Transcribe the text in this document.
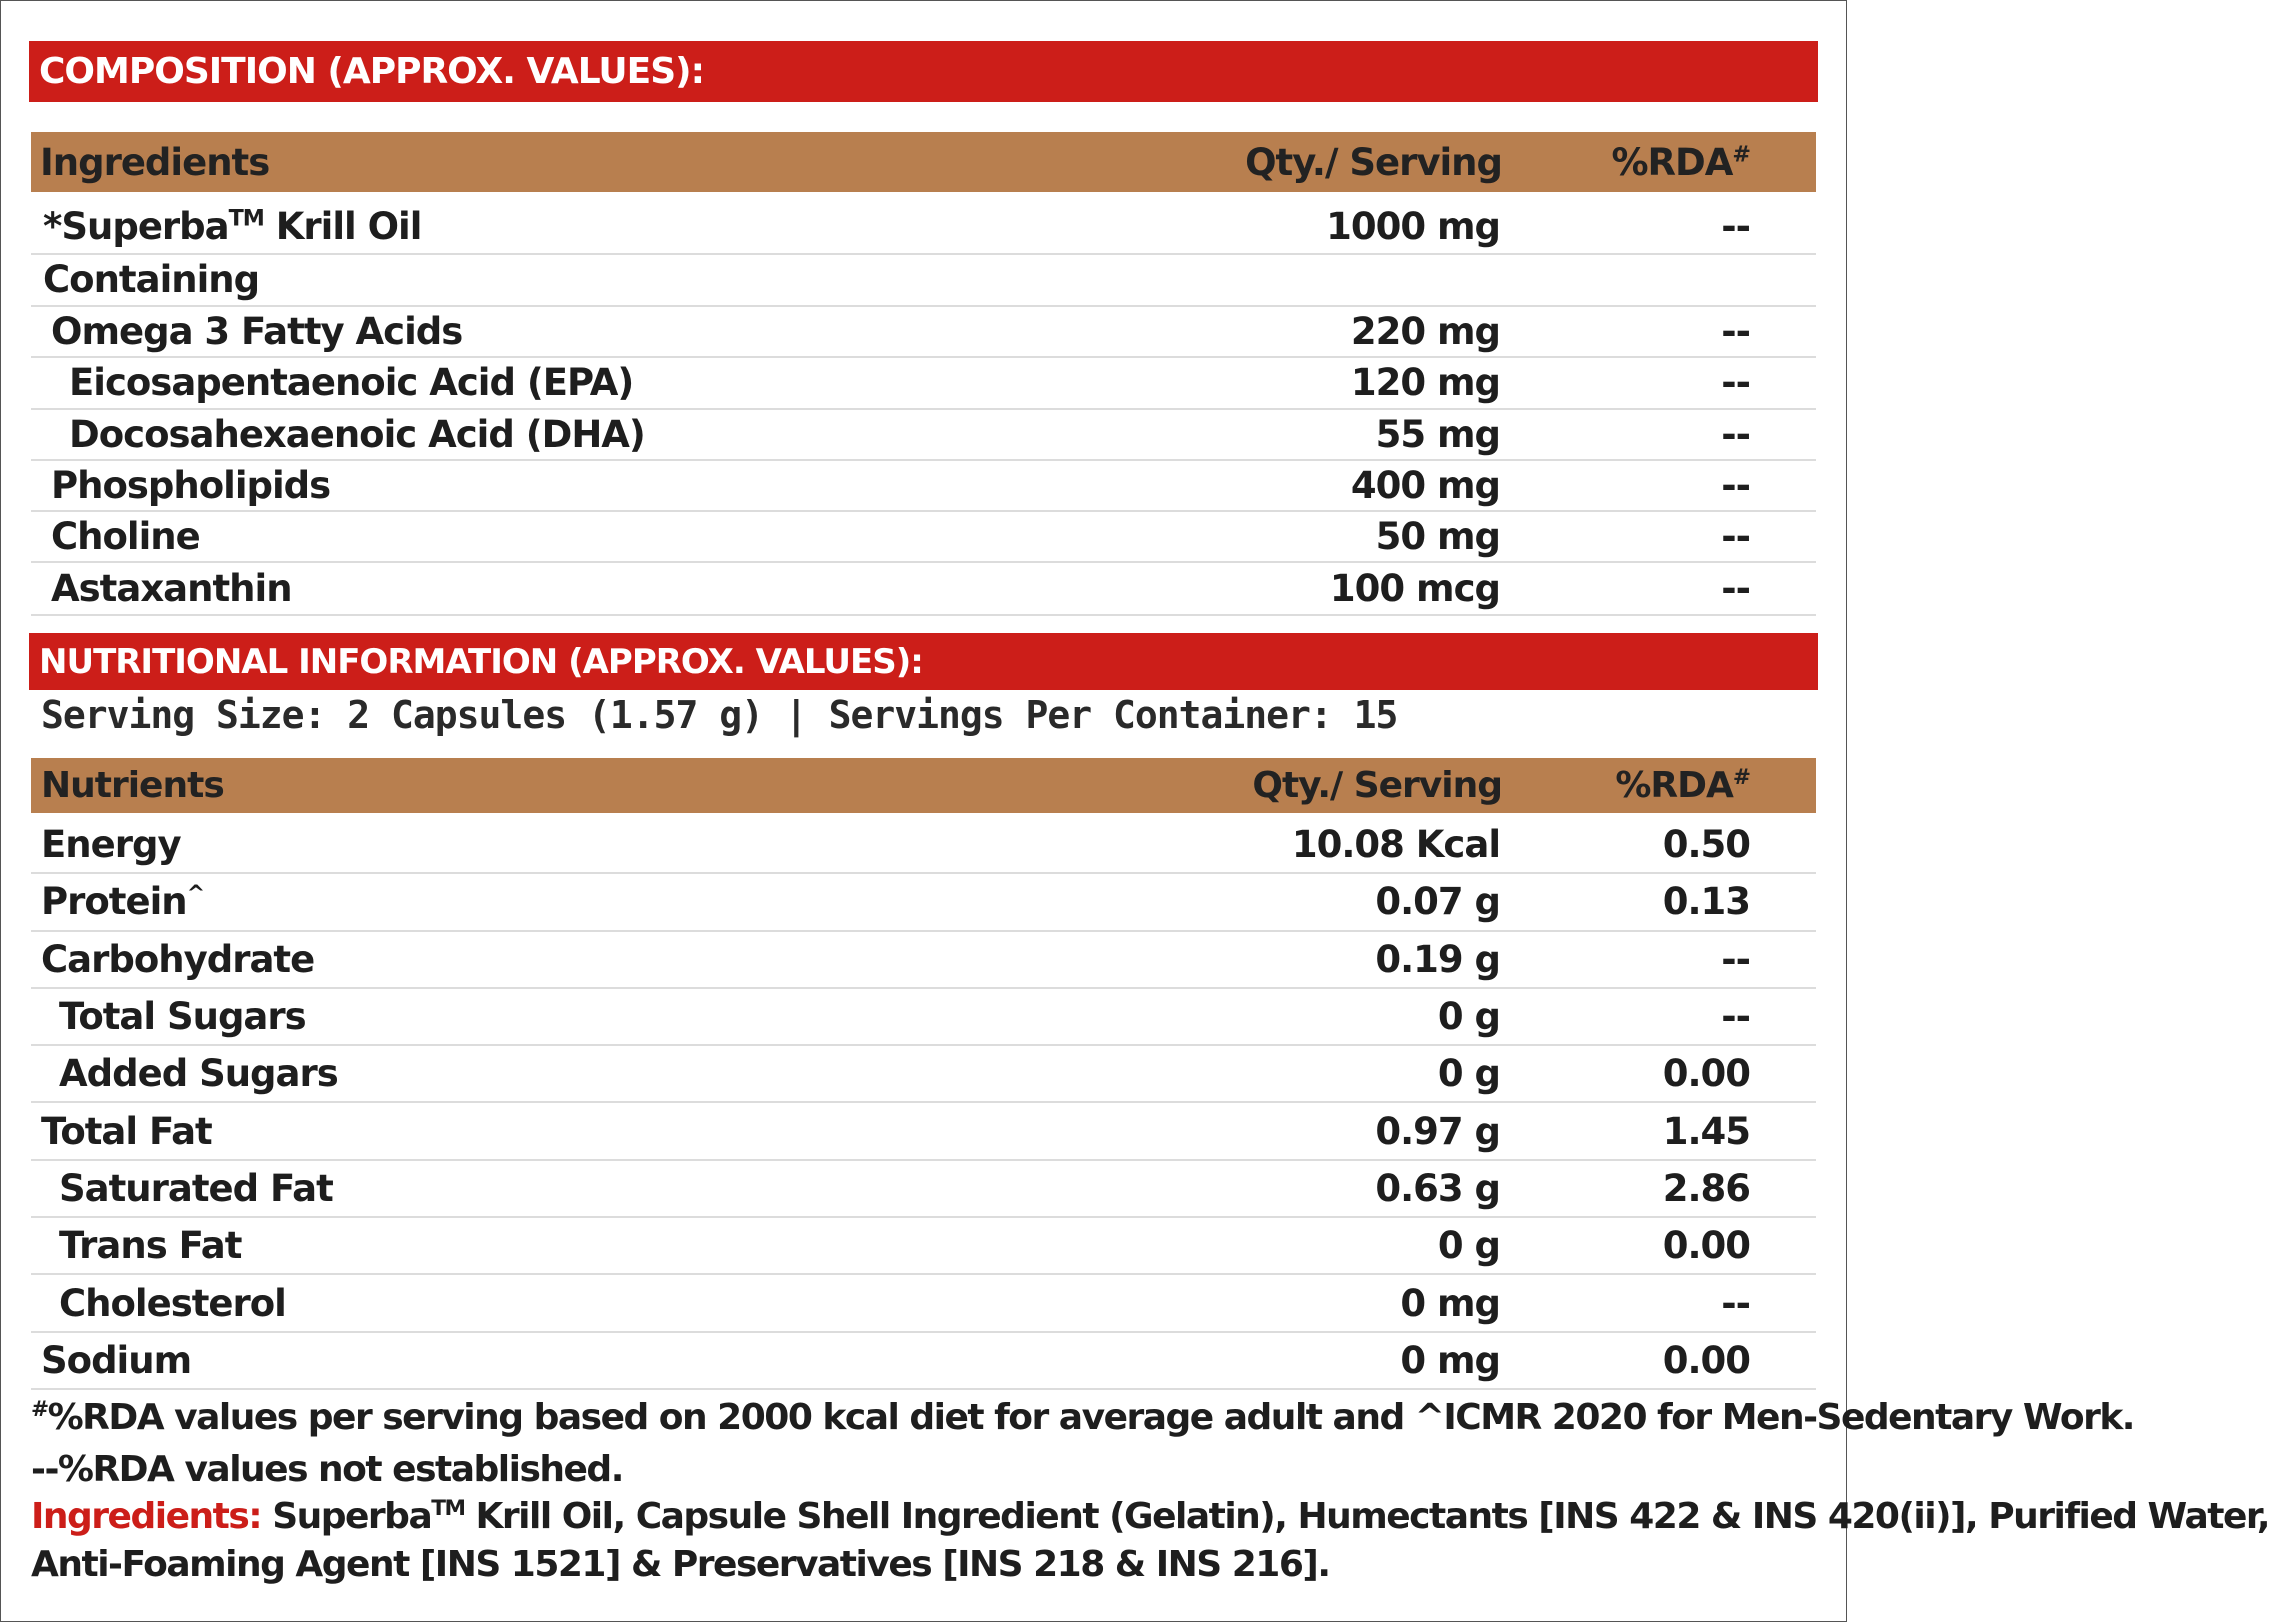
COMPOSITION (APPROX. VALUES):
Ingredients	Qty./ Serving	%RDA#
*Superba™ Krill Oil	1000 mg	--
Containing
Omega 3 Fatty Acids	220 mg	--
Eicosapentaenoic Acid (EPA)	120 mg	--
Docosahexaenoic Acid (DHA)	55 mg	--
Phospholipids	400 mg	--
Choline	50 mg	--
Astaxanthin	100 mcg	--
NUTRITIONAL INFORMATION (APPROX. VALUES):
Serving Size: 2 Capsules (1.57 g) | Servings Per Container: 15
Nutrients	Qty./ Serving	%RDA#
Energy	10.08 Kcal	0.50
Protein^	0.07 g	0.13
Carbohydrate	0.19 g	--
Total Sugars	0 g	--
Added Sugars	0 g	0.00
Total Fat	0.97 g	1.45
Saturated Fat	0.63 g	2.86
Trans Fat	0 g	0.00
Cholesterol	0 mg	--
Sodium	0 mg	0.00
#%RDA values per serving based on 2000 kcal diet for average adult and ^ICMR 2020 for Men-Sedentary Work.
--%RDA values not established.
Ingredients: Superba™ Krill Oil, Capsule Shell Ingredient (Gelatin), Humectants [INS 422 & INS 420(ii)], Purified Water,
Anti-Foaming Agent [INS 1521] & Preservatives [INS 218 & INS 216].
